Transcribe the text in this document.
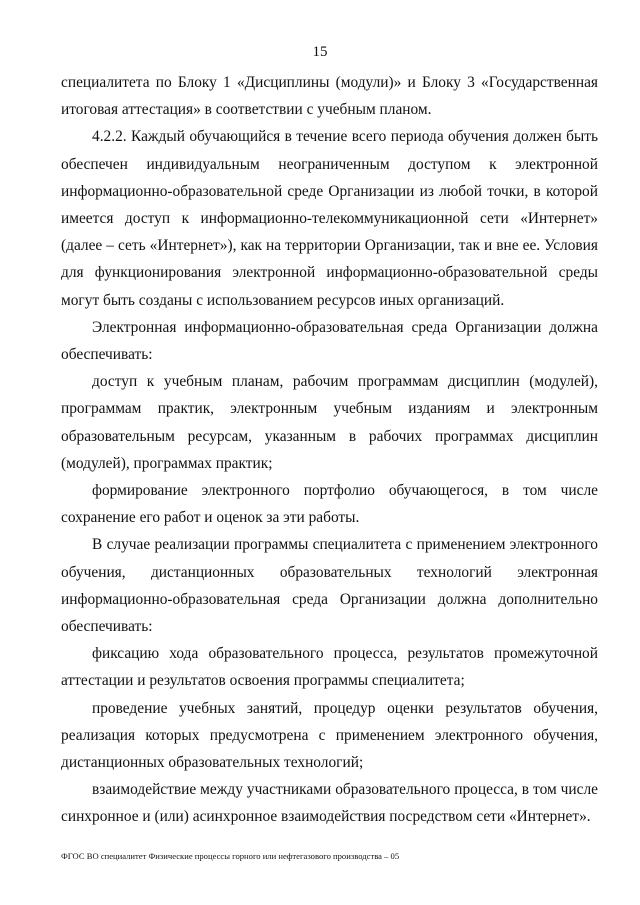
15

специалитета по Блоку 1 «Дисциплины (модули)» и Блоку 3 «Государственная итоговая аттестация» в соответствии с учебным планом.

4.2.2. Каждый обучающийся в течение всего периода обучения должен быть обеспечен индивидуальным неограниченным доступом к электронной информационно-образовательной среде Организации из любой точки, в которой имеется доступ к информационно-телекоммуникационной сети «Интернет» (далее – сеть «Интернет»), как на территории Организации, так и вне ее. Условия для функционирования электронной информационно-образовательной среды могут быть созданы с использованием ресурсов иных организаций.

Электронная информационно-образовательная среда Организации должна обеспечивать:

доступ к учебным планам, рабочим программам дисциплин (модулей), программам практик, электронным учебным изданиям и электронным образовательным ресурсам, указанным в рабочих программах дисциплин (модулей), программах практик;

формирование электронного портфолио обучающегося, в том числе сохранение его работ и оценок за эти работы.

В случае реализации программы специалитета с применением электронного обучения, дистанционных образовательных технологий электронная информационно-образовательная среда Организации должна дополнительно обеспечивать:

фиксацию хода образовательного процесса, результатов промежуточной аттестации и результатов освоения программы специалитета;

проведение учебных занятий, процедур оценки результатов обучения, реализация которых предусмотрена с применением электронного обучения, дистанционных образовательных технологий;

взаимодействие между участниками образовательного процесса, в том числе синхронное и (или) асинхронное взаимодействия посредством сети «Интернет».

ФГОС ВО специалитет Физические процессы горного или нефтегазового производства – 05
